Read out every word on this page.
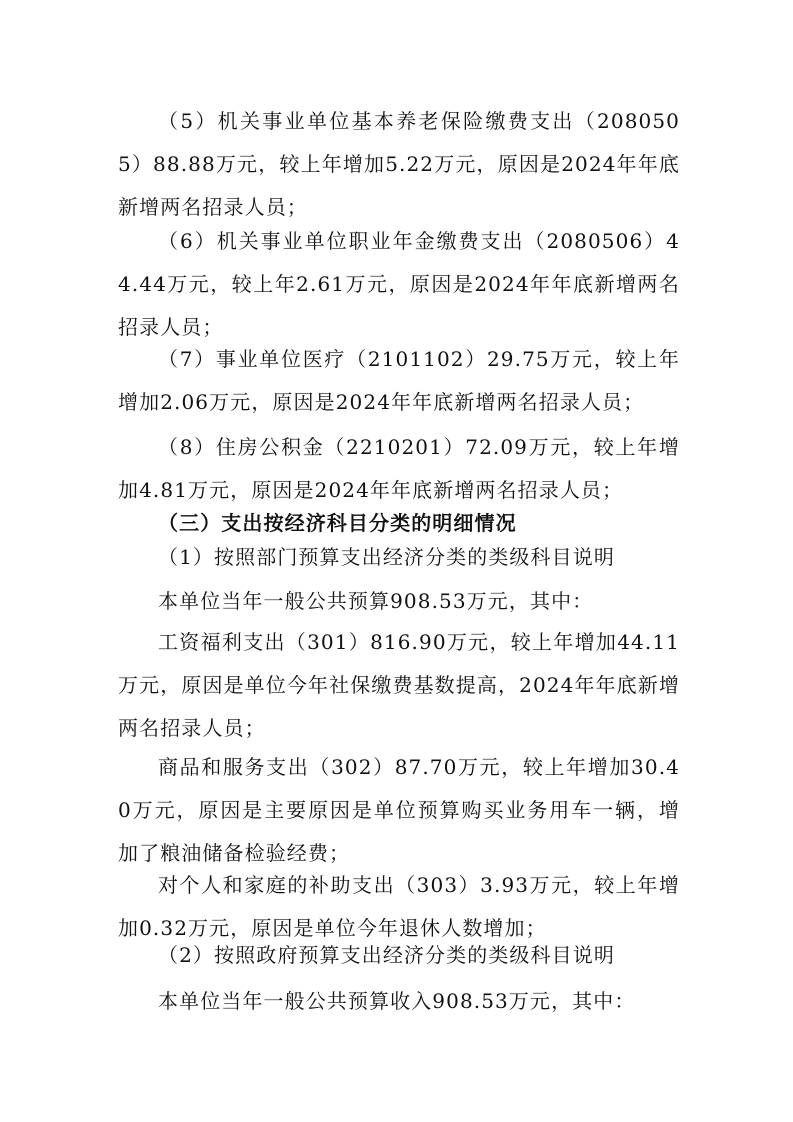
（5）机关事业单位基本养老保险缴费支出（2080505）88.88万元，较上年增加5.22万元，原因是2024年年底新增两名招录人员；

（6）机关事业单位职业年金缴费支出（2080506）44.44万元，较上年2.61万元，原因是2024年年底新增两名招录人员；

（7）事业单位医疗（2101102）29.75万元，较上年增加2.06万元，原因是2024年年底新增两名招录人员；

（8）住房公积金（2210201）72.09万元，较上年增加4.81万元，原因是2024年年底新增两名招录人员；

（三）支出按经济科目分类的明细情况

（1）按照部门预算支出经济分类的类级科目说明

本单位当年一般公共预算908.53万元，其中：

工资福利支出（301）816.90万元，较上年增加44.11万元，原因是单位今年社保缴费基数提高，2024年年底新增两名招录人员；

商品和服务支出（302）87.70万元，较上年增加30.40万元，原因是主要原因是单位预算购买业务用车一辆，增加了粮油储备检验经费；

对个人和家庭的补助支出（303）3.93万元，较上年增加0.32万元，原因是单位今年退休人数增加；

（2）按照政府预算支出经济分类的类级科目说明

本单位当年一般公共预算收入908.53万元，其中：
